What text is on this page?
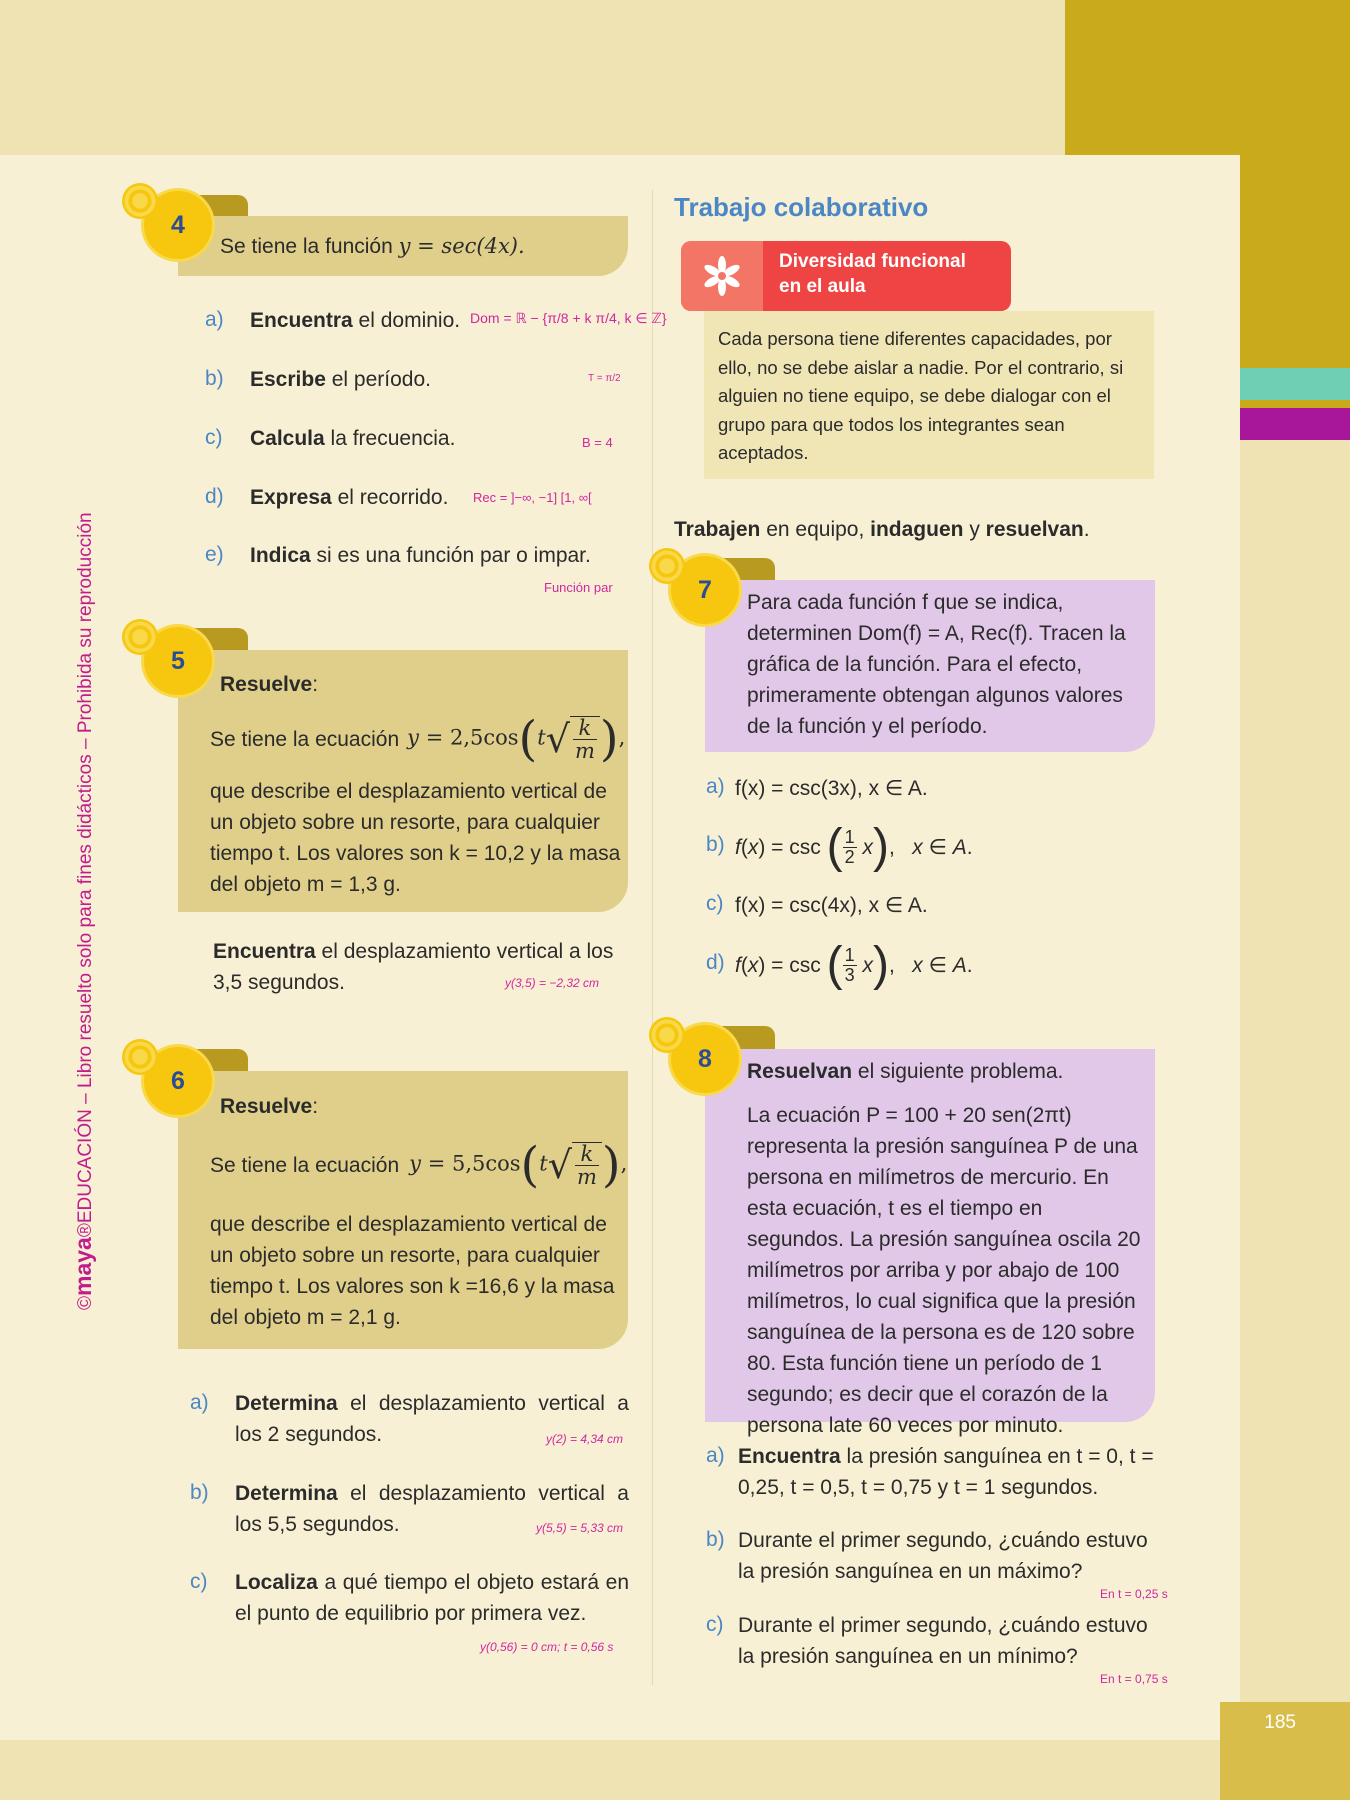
185
©maya®EDUCACIÓN – Libro resuelto solo para fines didácticos – Prohibida su reproducción
Se tiene la función y = sec(4x).
4
a) Encuentra el dominio. Dom = ℝ − {π/8 + k π/4, k ∈ ℤ}
b) Escribe el período.	T = π/2
c) Calcula la frecuencia.	B = 4
d) Expresa el recorrido. Rec = ]−∞, −1] [1, ∞[
e) Indica si es una función par o impar.
Función par
Resuelve:
Se tiene la ecuación y = 2,5cos(t √ $\frac{k}{m}$ ),
que describe el desplazamiento vertical de un objeto sobre un resorte, para cualquier tiempo t. Los valores son k = 10,2 y la masa del objeto m = 1,3 g.
5
Encuentra el desplazamiento vertical a los 3,5 segundos.	y(3,5) = −2,32 cm
Resuelve:
Se tiene la ecuación y = 5,5cos(t √ $\frac{k}{m}$ ),
que describe el desplazamiento vertical de un objeto sobre un resorte, para cualquier tiempo t. Los valores son k =16,6 y la masa del objeto m = 2,1 g.
6
a) Determina el desplazamiento vertical a los 2 segundos.	y(2) = 4,34 cm
b) Determina el desplazamiento vertical a los 5,5 segundos.	y(5,5) = 5,33 cm
c) Localiza a qué tiempo el objeto estará en el punto de equilibrio por primera vez.
y(0,56) = 0 cm; t = 0,56 s
Trabajo colaborativo
Diversidad funcional
en el aula
Cada persona tiene diferentes capacidades, por ello, no se debe aislar a nadie. Por el contrario, si alguien no tiene equipo, se debe dialogar con el grupo para que todos los integrantes sean aceptados.
Trabajen en equipo, indaguen y resuelvan.
Para cada función f que se indica, determinen Dom(f) = A, Rec(f). Tracen la gráfica de la función. Para el efecto, primeramente obtengan algunos valores de la función y el período.
7
a) f(x) = csc(3x), x ∈ A.
b) f ( x ) = csc ( $\frac{1}{2}$ x ) , x ∈ A .
c) f(x) = csc(4x), x ∈ A.
d) f ( x ) = csc ( $\frac{1}{3}$ x ) , x ∈ A .
Resuelvan el siguiente problema.
La ecuación P = 100 + 20 sen(2πt) representa la presión sanguínea P de una persona en milímetros de mercurio. En esta ecuación, t es el tiempo en segundos. La presión sanguínea oscila 20 milímetros por arriba y por abajo de 100 milímetros, lo cual significa que la presión sanguínea de la persona es de 120 sobre 80. Esta función tiene un período de 1 segundo; es decir que el corazón de la persona late 60 veces por minuto.
8
a) Encuentra la presión sanguínea en t = 0, t = 0,25, t = 0,5, t = 0,75 y t = 1 segundos.
b) Durante el primer segundo, ¿cuándo estuvo la presión sanguínea en un máximo?
En t = 0,25 s
c) Durante el primer segundo, ¿cuándo estuvo la presión sanguínea en un mínimo?
En t = 0,75 s
